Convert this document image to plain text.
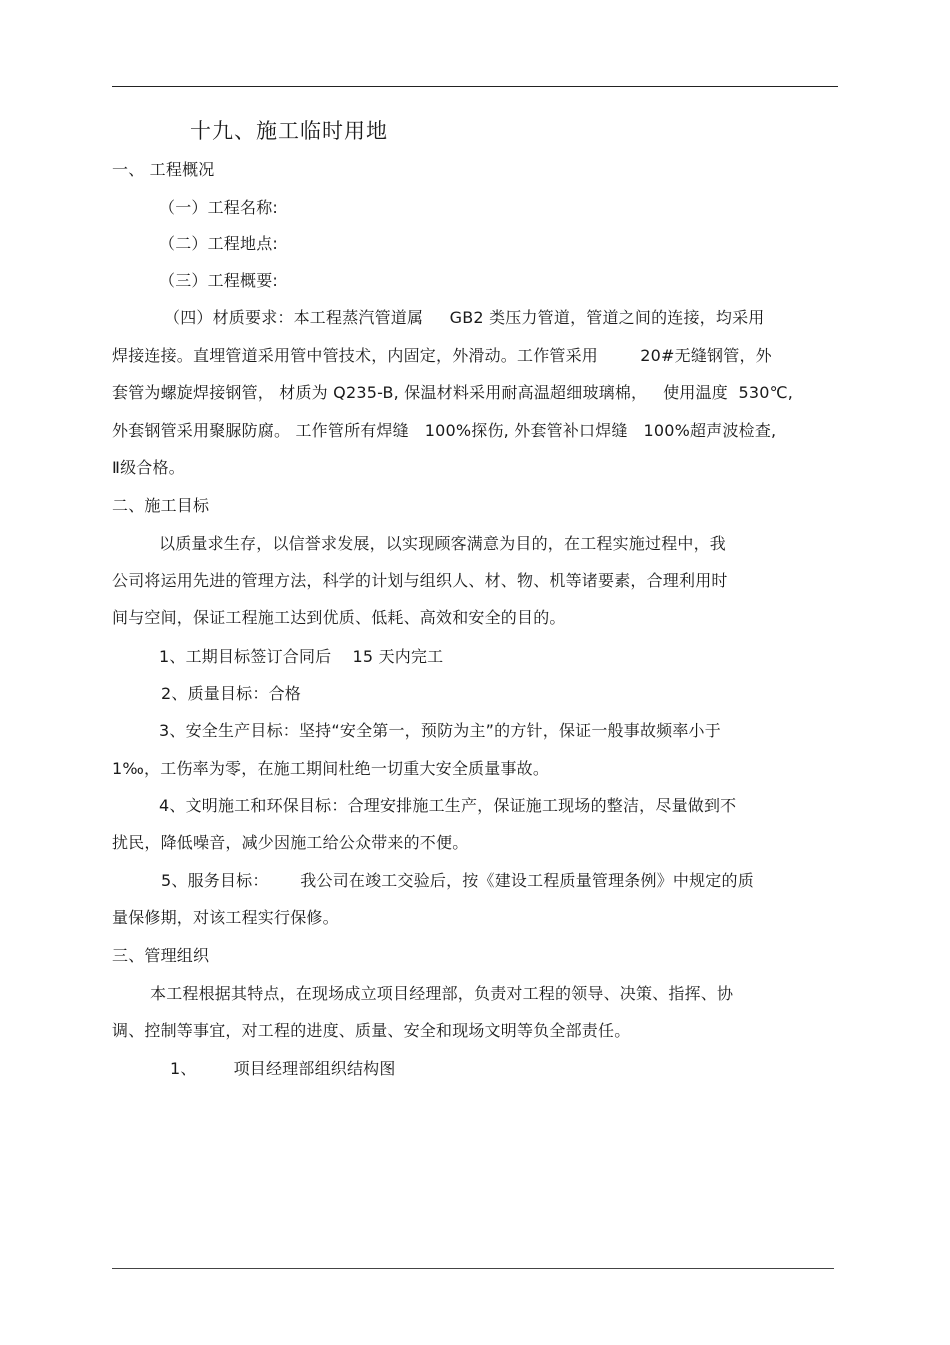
十九、施工临时用地
一、 工程概况
（一）工程名称:
（二）工程地点:
（三）工程概要:
（四）材质要求：本工程蒸汽管道属     GB2 类压力管道，管道之间的连接，均采用
焊接连接。直埋管道采用管中管技术，内固定，外滑动。工作管采用        20#无缝钢管，外
套管为螺旋焊接钢管， 材质为 Q235-B, 保温材料采用耐高温超细玻璃棉，   使用温度  530℃,
外套钢管采用聚脲防腐。 工作管所有焊缝   100%探伤, 外套管补口焊缝   100%超声波检查,
Ⅱ级合格。
二、施工目标
以质量求生存，以信誉求发展，以实现顾客满意为目的，在工程实施过程中，我
公司将运用先进的管理方法，科学的计划与组织人、材、物、机等诸要素，合理利用时
间与空间，保证工程施工达到优质、低耗、高效和安全的目的。
1、工期目标签订合同后    15 天内完工
2、质量目标：合格
3、安全生产目标：坚持“安全第一，预防为主”的方针，保证一般事故频率小于
1‰，工伤率为零，在施工期间杜绝一切重大安全质量事故。
4、文明施工和环保目标：合理安排施工生产，保证施工现场的整洁，尽量做到不
扰民，降低噪音，减少因施工给公众带来的不便。
5、服务目标：      我公司在竣工交验后，按《建设工程质量管理条例》中规定的质
量保修期，对该工程实行保修。
三、管理组织
本工程根据其特点，在现场成立项目经理部，负责对工程的领导、决策、指挥、协
调、控制等事宜，对工程的进度、质量、安全和现场文明等负全部责任。
1、       项目经理部组织结构图
